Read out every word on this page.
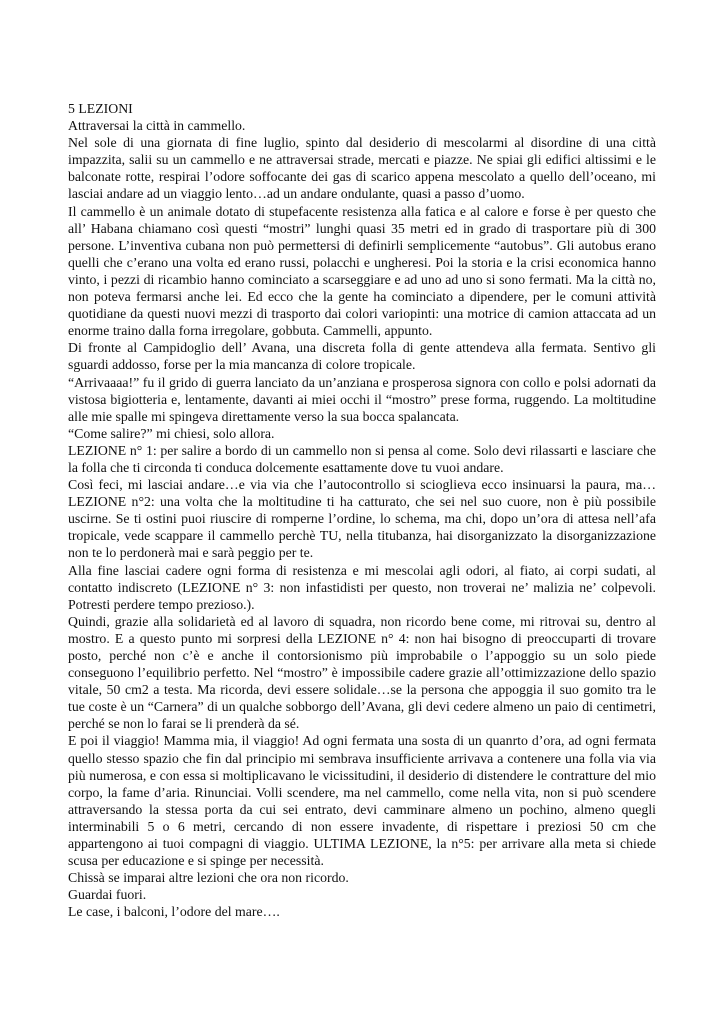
5 LEZIONI

Attraversai la città in cammello.

Nel sole di una giornata di fine luglio, spinto dal desiderio di mescolarmi al disordine di una città impazzita, salii su un cammello e ne attraversai strade, mercati e piazze. Ne spiai gli edifici altissimi e le balconate rotte, respirai l’odore soffocante dei gas di scarico appena mescolato a quello dell’oceano, mi lasciai andare ad un viaggio lento…ad un andare ondulante, quasi a passo d’uomo.

Il cammello è un animale dotato di stupefacente resistenza alla fatica e al calore e forse è per questo che all’ Habana chiamano così questi “mostri” lunghi quasi 35 metri ed in grado di trasportare più di 300 persone. L’inventiva cubana non può permettersi di definirli semplicemente “autobus”. Gli autobus erano quelli che c’erano una volta ed erano russi, polacchi e ungheresi. Poi la storia e la crisi economica hanno vinto, i pezzi di ricambio hanno cominciato a scarseggiare e ad uno ad uno si sono fermati. Ma la città no, non poteva fermarsi anche lei. Ed ecco che la gente ha cominciato a dipendere, per le comuni attività quotidiane da questi nuovi mezzi di trasporto dai colori variopinti: una motrice di camion attaccata ad un enorme traino dalla forna irregolare, gobbuta. Cammelli, appunto.

Di fronte al Campidoglio dell’ Avana, una discreta folla di gente attendeva alla fermata. Sentivo gli sguardi addosso, forse per la mia mancanza di colore tropicale.

“Arrivaaaa!” fu il grido di guerra lanciato da un’anziana e prosperosa signora con collo e polsi adornati da vistosa bigiotteria e, lentamente, davanti ai miei occhi il “mostro” prese forma, ruggendo. La moltitudine alle mie spalle mi spingeva direttamente verso la sua bocca spalancata.

“Come salire?” mi chiesi, solo allora.

LEZIONE n° 1: per salire a bordo di un cammello non si pensa al come. Solo devi rilassarti e lasciare che la folla che ti circonda ti conduca dolcemente esattamente dove tu vuoi andare.

Così feci, mi lasciai andare…e via via che l’autocontrollo si scioglieva ecco insinuarsi la paura, ma…LEZIONE n°2: una volta che la moltitudine ti ha catturato, che sei nel suo cuore, non è più possibile uscirne. Se ti ostini puoi riuscire di romperne l’ordine, lo schema, ma chi, dopo un’ora di attesa nell’afa tropicale, vede scappare il cammello perchè TU, nella titubanza, hai disorganizzato la disorganizzazione non te lo perdonerà mai e sarà peggio per te.

Alla fine lasciai cadere ogni forma di resistenza e mi mescolai agli odori, al fiato, ai corpi sudati, al contatto indiscreto (LEZIONE n° 3: non infastidisti per questo, non troverai ne’ malizia ne’ colpevoli. Potresti perdere tempo prezioso.).

Quindi, grazie alla solidarietà ed al lavoro di squadra, non ricordo bene come, mi ritrovai su, dentro al mostro. E a questo punto mi sorpresi della LEZIONE n° 4: non hai bisogno di preoccuparti di trovare posto, perché non c’è e anche il contorsionismo più improbabile o l’appoggio su un solo piede conseguono l’equilibrio perfetto. Nel “mostro” è impossibile cadere grazie all’ottimizzazione dello spazio vitale, 50 cm2 a testa. Ma ricorda, devi essere solidale…se la persona che appoggia il suo gomito tra le tue coste è un “Carnera” di un qualche sobborgo dell’Avana, gli devi cedere almeno un paio di centimetri, perché se non lo farai se li prenderà da sé.

E poi il viaggio! Mamma mia, il viaggio! Ad ogni fermata una sosta di un quanrto d’ora, ad ogni fermata quello stesso spazio che fin dal principio mi sembrava insufficiente arrivava a contenere una folla via via più numerosa, e con essa si moltiplicavano le vicissitudini, il desiderio di distendere le contratture del mio corpo, la fame d’aria. Rinunciai. Volli scendere, ma nel cammello, come nella vita, non si può scendere attraversando la stessa porta da cui sei entrato, devi camminare almeno un pochino, almeno quegli interminabili 5 o 6 metri, cercando di non essere invadente, di rispettare i preziosi 50 cm che appartengono ai tuoi compagni di viaggio. ULTIMA LEZIONE, la n°5: per arrivare alla meta si chiede scusa per educazione e si spinge per necessità.

Chissà se imparai altre lezioni che ora non ricordo.

Guardai fuori.

Le case, i balconi, l’odore del mare….
